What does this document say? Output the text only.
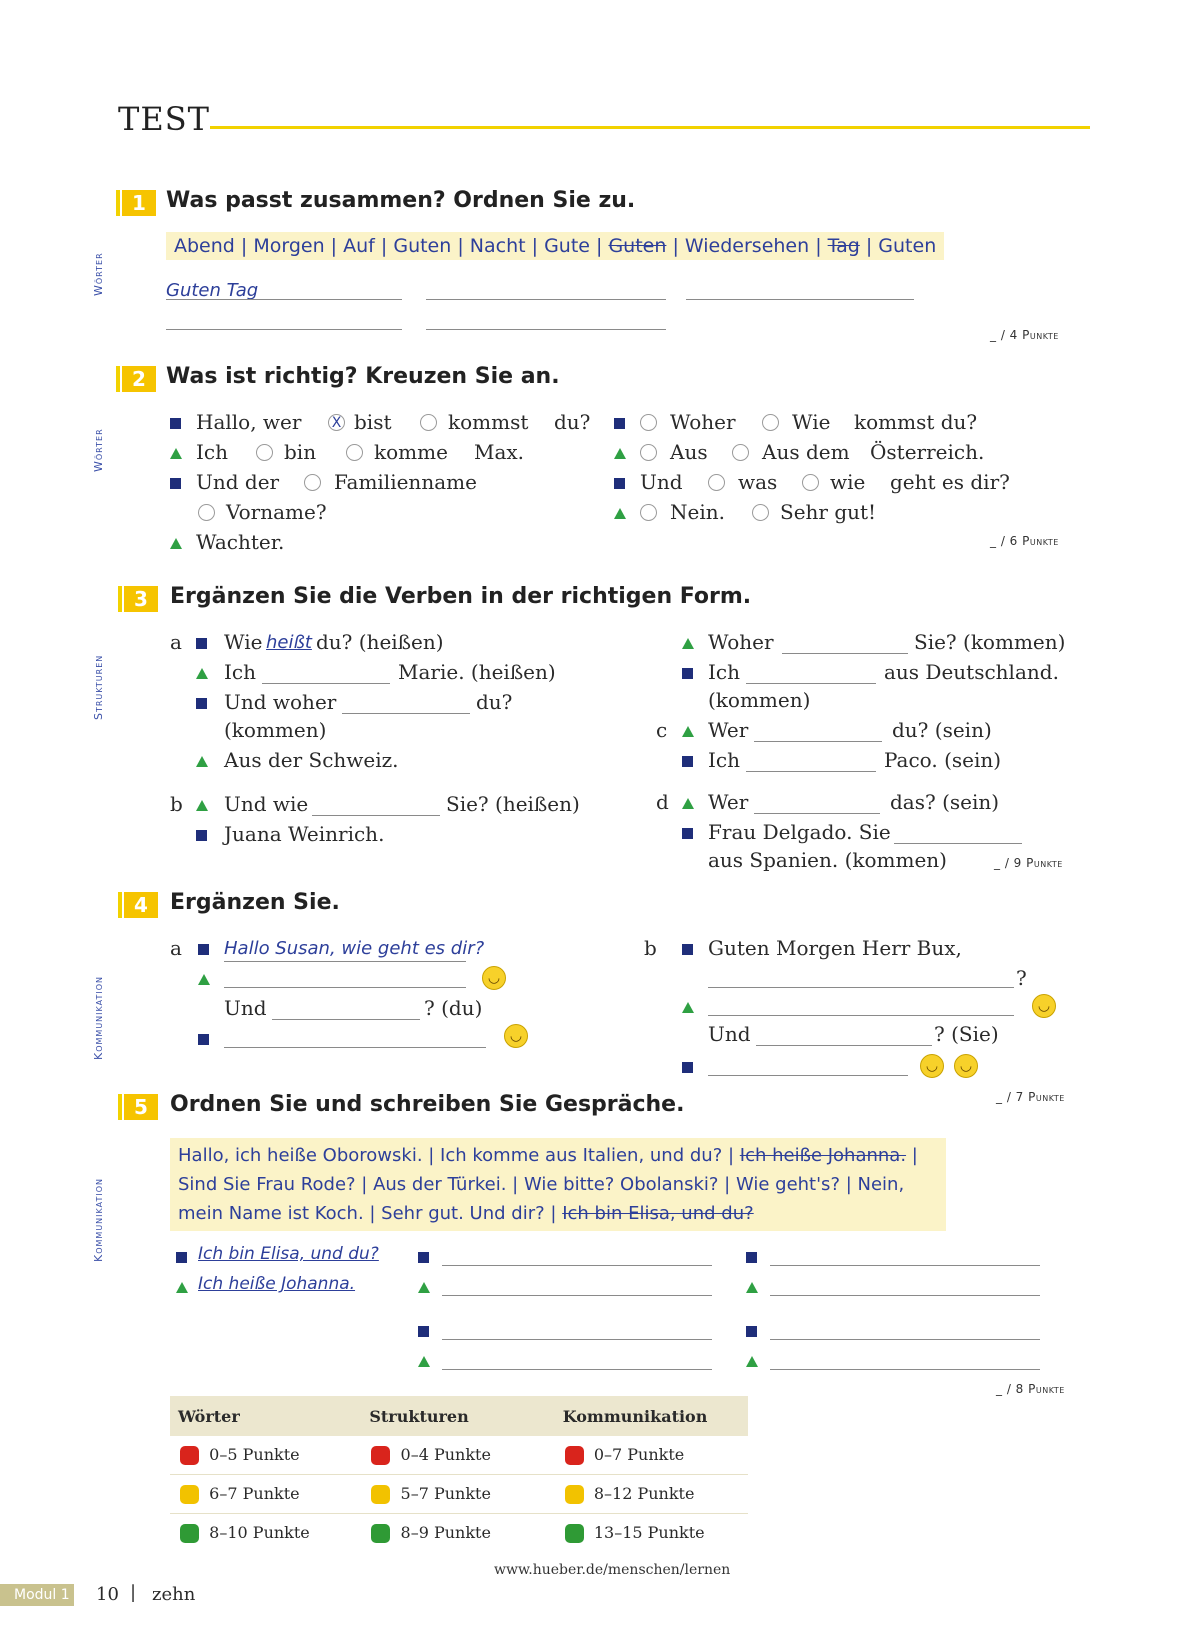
TEST
Wörter
Wörter
Strukturen
Kommunikation
Kommunikation
1 Was passt zusammen? Ordnen Sie zu.
Abend | Morgen | Auf | Guten | Nacht | Gute | Guten | Wiedersehen | Tag | Guten
Guten Tag
_ / 4 Punkte
2 Was ist richtig? Kreuzen Sie an.
Hallo, wer X bist	kommst du?
Ich	bin	komme Max.
Und der	Familienname
Vorname?
Wachter.
Woher	Wie kommst du?
Aus	Aus dem Österreich.
Und	was	wie geht es dir?
Nein.	Sehr gut!
_ / 6 Punkte
3	Ergänzen Sie die Verben in der richtigen Form.
a Wie heißt du? (heißen)
Ich	Marie. (heißen)
Und woher	du?
(kommen)
Aus der Schweiz.
b Und wie	Sie? (heißen)
Juana Weinrich.
Woher	Sie? (kommen)
Ich	aus Deutschland.
(kommen)
c Wer	du? (sein)
Ich	Paco. (sein)
d Wer	das? (sein)
Frau Delgado. Sie
aus Spanien. (kommen)	_ / 9 Punkte
4	Ergänzen Sie.
a Hallo Susan, wie geht es dir?
◡
Und	? (du)
◡
b	Guten Morgen Herr Bux,
?
◡
Und	? (Sie)
◡	◡
_ / 7 Punkte
5	Ordnen Sie und schreiben Sie Gespräche.
Hallo, ich heiße Oborowski. | Ich komme aus Italien, und du? | Ich heiße Johanna. |
Sind Sie Frau Rode? | Aus der Türkei. | Wie bitte? Obolanski? | Wie geht's? | Nein,
mein Name ist Koch. | Sehr gut. Und dir? | Ich bin Elisa, und du?
Ich bin Elisa, und du?
Ich heiße Johanna.
_ / 8 Punkte
Wörter	Strukturen	Kommunikation
0–5 Punkte	0–4 Punkte	0–7 Punkte
6–7 Punkte	5–7 Punkte	8–12 Punkte
8–10 Punkte	8–9 Punkte	13–15 Punkte
www.hueber.de/menschen/lernen
Modul 1 10 | zehn
